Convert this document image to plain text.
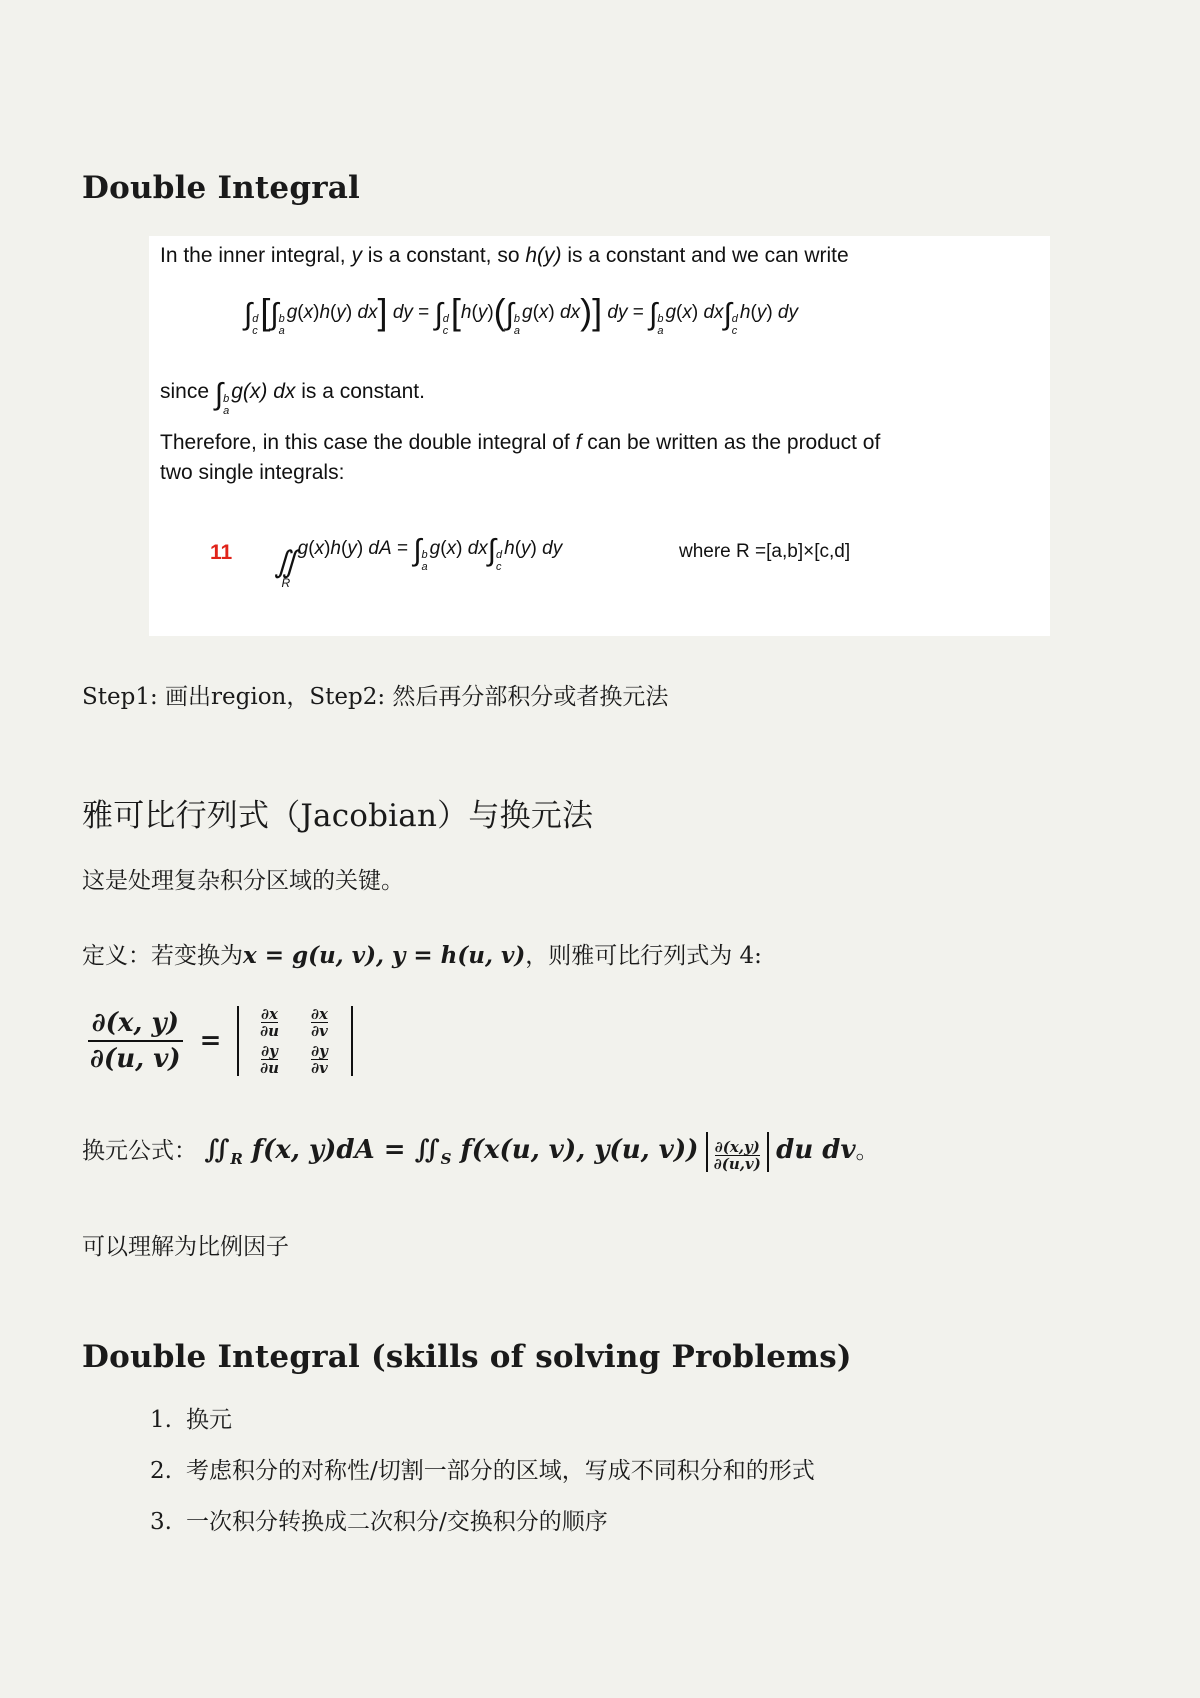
Double Integral
In the inner integral, y is a constant, so h(y) is a constant and we can write
∫ d
c [∫ b
a
g(x)h(y) dx] dy = ∫ d
c [h(y)(∫ b
a
g(x) dx)] dy = ∫ b
a
g(x) dx∫ d
c
h(y) dy
since ∫ b
a
g(x) dx is a constant.
Therefore, in this case the double integral of f can be written as the product of
two single integrals:
11 ∬
R
g(x)h(y) dA = ∫ b
a
g(x) dx∫ d
c
h(y) dy	where R =[a,b]×[c,d]

Step1: 画出region，Step2: 然后再分部积分或者换元法

雅可比行列式（Jacobian）与换元法

这是处理复杂积分区域的关键。

定义：若变换为x = g(u, v), y = h(u, v)，则雅可比行列式为 4:

$\frac{\partial(x, y)}{\partial(u, v)}$ =
∂x
∂u
∂x
∂v
∂y
∂u
∂y
∂v

换元公式： $∬_R$ f(x, $y)dA = ∬_S$ f(x(u, v), y(u, $v)) \frac{\partial(x,y)}{\partial(u,v)}$ du dv。

可以理解为比例因子

Double Integral (skills of solving Problems)
1. 换元
2. 考虑积分的对称性/切割一部分的区域，写成不同积分和的形式
3. 一次积分转换成二次积分/交换积分的顺序
